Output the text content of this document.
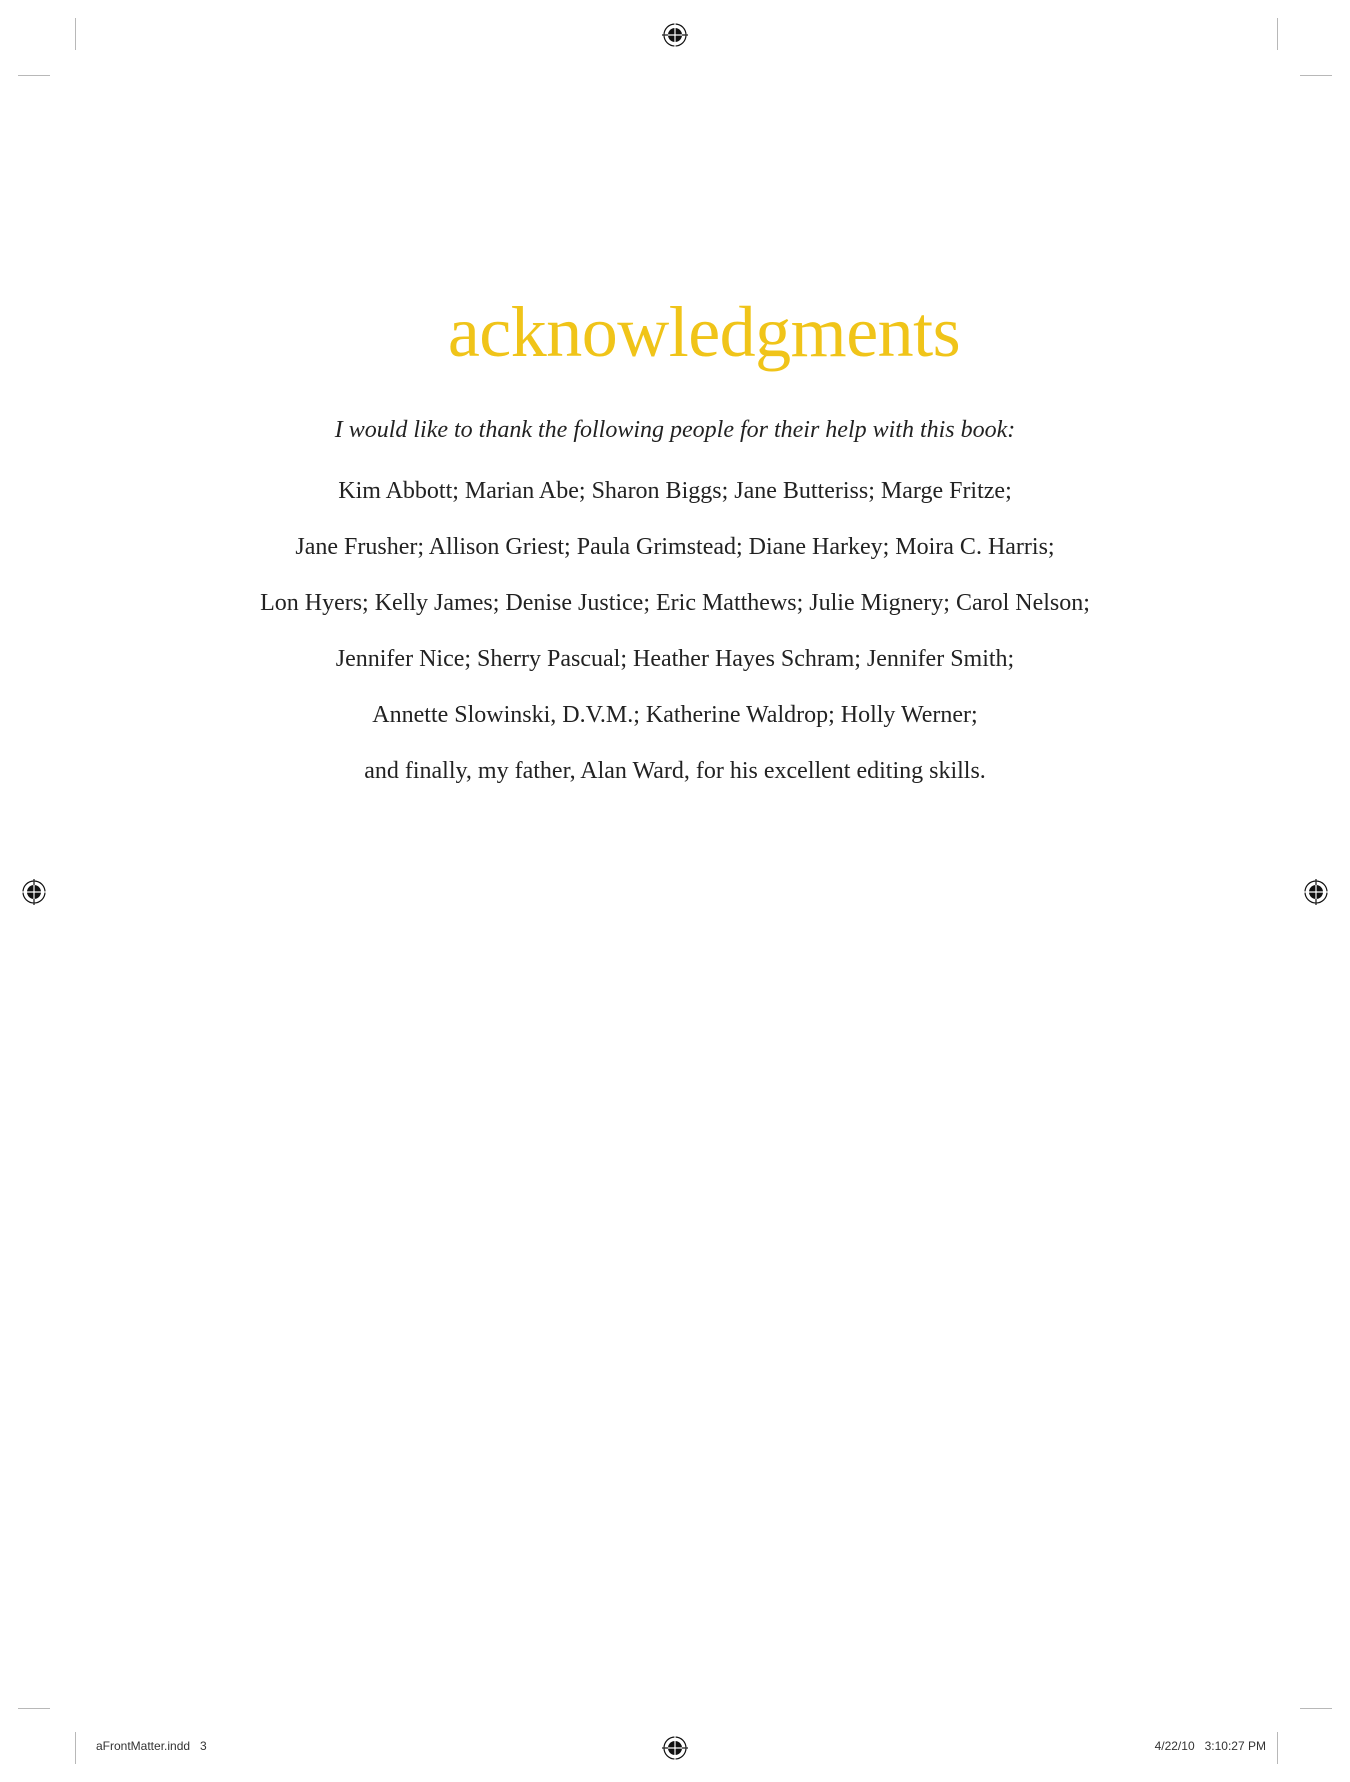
acknowledgments

I would like to thank the following people for their help with this book:

Kim Abbott; Marian Abe; Sharon Biggs; Jane Butteriss; Marge Fritze;
Jane Frusher; Allison Griest; Paula Grimstead; Diane Harkey; Moira C. Harris;
Lon Hyers; Kelly James; Denise Justice; Eric Matthews; Julie Mignery; Carol Nelson;
Jennifer Nice; Sherry Pascual; Heather Hayes Schram; Jennifer Smith;
Annette Slowinski, D.V.M.; Katherine Waldrop; Holly Werner;
and finally, my father, Alan Ward, for his excellent editing skills.
aFrontMatter.indd   3	4/22/10   3:10:27 PM
